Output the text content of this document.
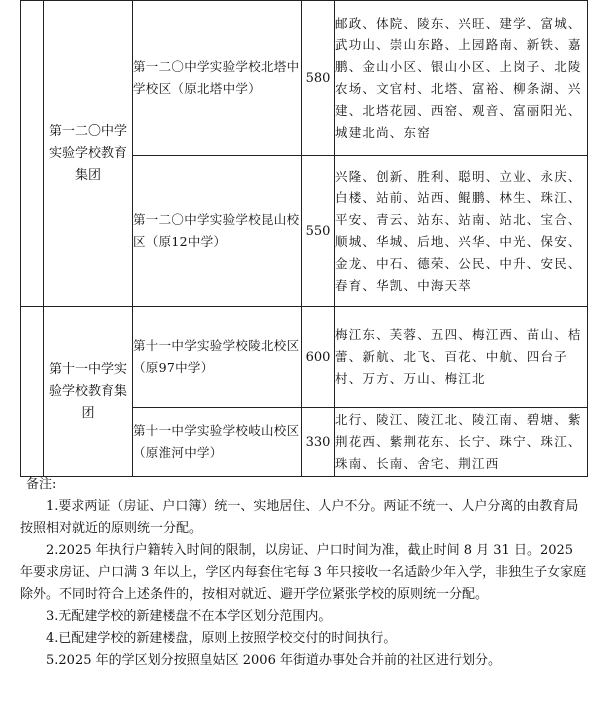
	第一二〇中学实验学校教育集团	第一二〇中学实验学校北塔中学校区（原北塔中学）	580	邮政、体院、陵东、兴旺、建学、富城、武功山、崇山东路、上园路南、新铁、嘉鹏、金山小区、银山小区、上岗子、北陵农场、文官村、北塔、富裕、柳条湖、兴建、北塔花园、西窑、观音、富丽阳光、城建北尚、东窑
		第一二〇中学实验学校昆山校区（原12中学）	550	兴隆、创新、胜利、聪明、立业、永庆、白楼、站前、站西、鲲鹏、林生、珠江、平安、青云、站东、站南、站北、宝合、顺城、华城、后地、兴华、中光、保安、金龙、中石、德荣、公民、中升、安民、春育、华凯、中海天萃
	第十一中学实验学校教育集团	第十一中学实验学校陵北校区（原97中学）	600	梅江东、芙蓉、五四、梅江西、苗山、桔蕾、新航、北飞、百花、中航、四台子村、万方、万山、梅江北
		第十一中学实验学校岐山校区（原淮河中学）	330	北行、陵江、陵江北、陵江南、碧塘、紫荆花西、紫荆花东、长宁、珠宁、珠江、珠南、长南、舍宅、荆江西

备注:

1.要求两证（房证、户口簿）统一、实地居住、人户不分。两证不统一、人户分离的由教育局按照相对就近的原则统一分配。

2.2025 年执行户籍转入时间的限制，以房证、户口时间为准，截止时间 8 月 31 日。2025 年要求房证、户口满 3 年以上，学区内每套住宅每 3 年只接收一名适龄少年入学，非独生子女家庭除外。不同时符合上述条件的，按相对就近、避开学位紧张学校的原则统一分配。

3.无配建学校的新建楼盘不在本学区划分范围内。

4.已配建学校的新建楼盘，原则上按照学校交付的时间执行。

5.2025 年的学区划分按照皇姑区 2006 年街道办事处合并前的社区进行划分。
